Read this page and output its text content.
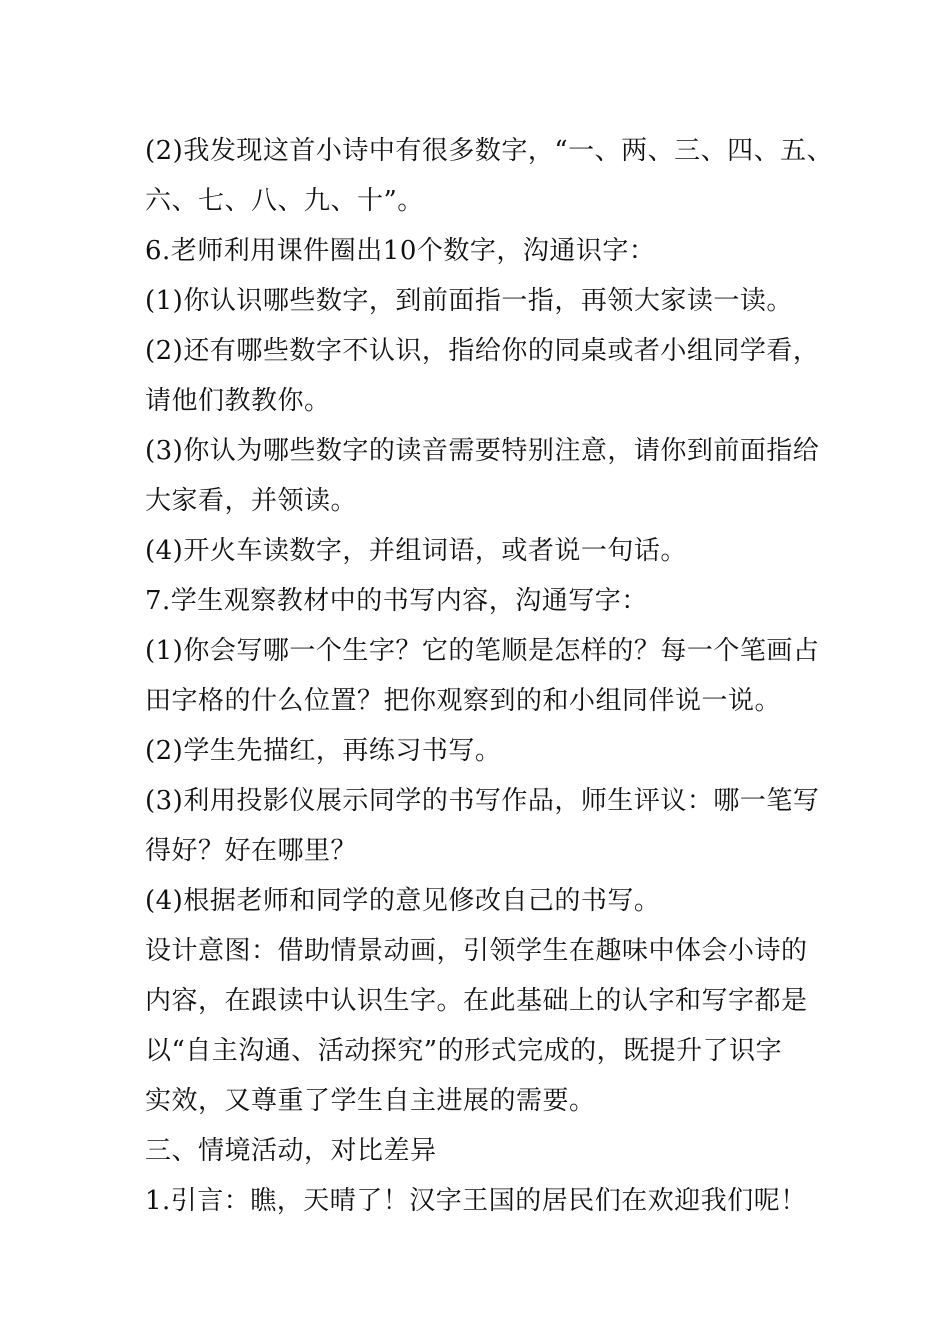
(2)我发现这首小诗中有很多数字，“一、两、三、四、五、
六、七、八、九、十”。
6.老师利用课件圈出10个数字，沟通识字：
(1)你认识哪些数字，到前面指一指，再领大家读一读。
(2)还有哪些数字不认识，指给你的同桌或者小组同学看，
请他们教教你。
(3)你认为哪些数字的读音需要特别注意，请你到前面指给
大家看，并领读。
(4)开火车读数字，并组词语，或者说一句话。
7.学生观察教材中的书写内容，沟通写字：
(1)你会写哪一个生字？它的笔顺是怎样的？每一个笔画占
田字格的什么位置？把你观察到的和小组同伴说一说。
(2)学生先描红，再练习书写。
(3)利用投影仪展示同学的书写作品，师生评议：哪一笔写
得好？好在哪里？
(4)根据老师和同学的意见修改自己的书写。
设计意图：借助情景动画，引领学生在趣味中体会小诗的
内容，在跟读中认识生字。在此基础上的认字和写字都是
以“自主沟通、活动探究”的形式完成的，既提升了识字
实效，又尊重了学生自主进展的需要。
三、情境活动，对比差异
1.引言：瞧，天晴了！汉字王国的居民们在欢迎我们呢！
